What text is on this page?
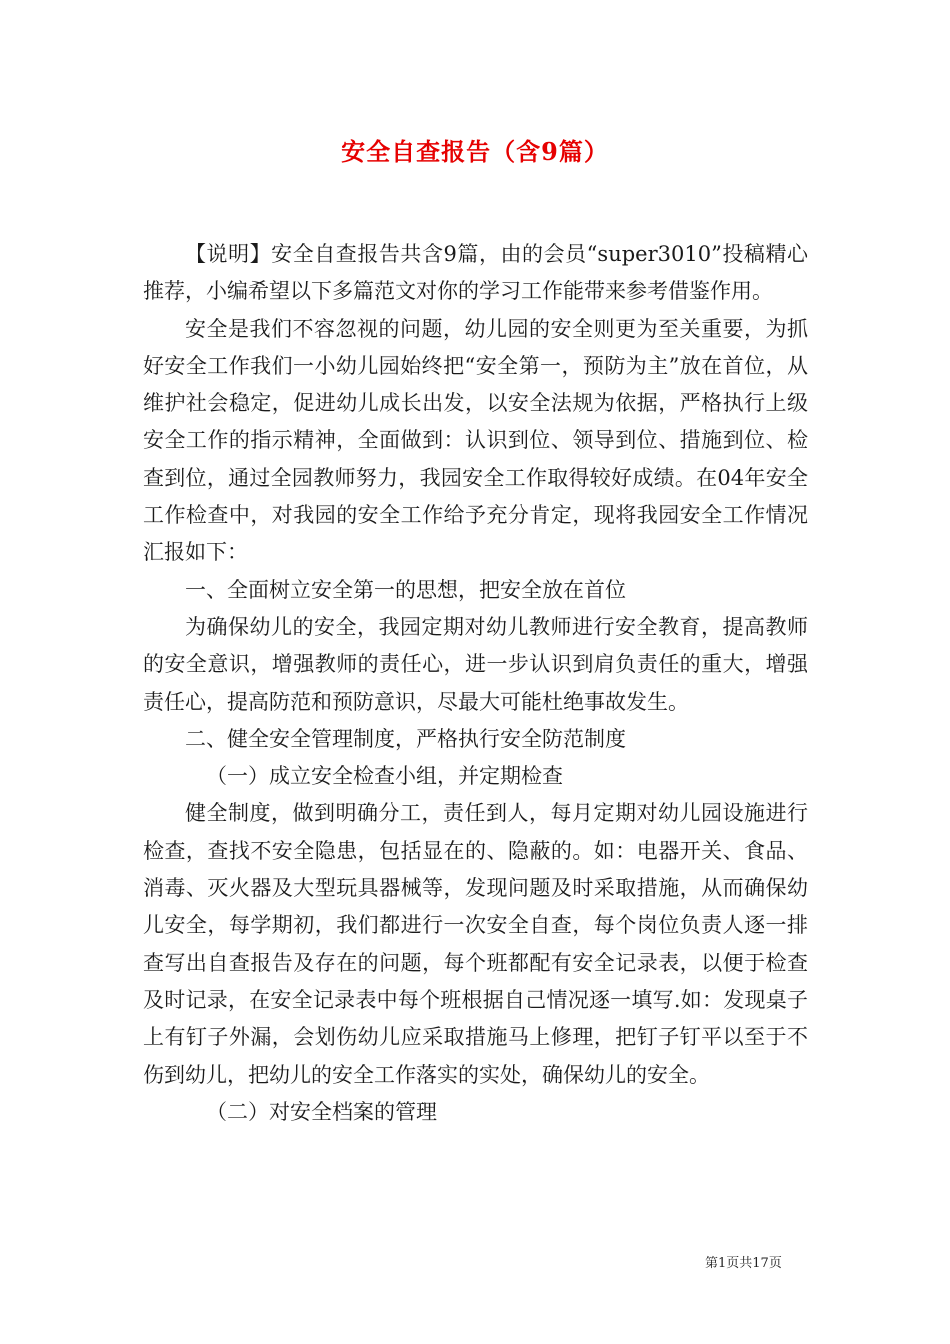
安全自查报告（含9篇）

【说明】安全自查报告共含9篇，由的会员“super3010”投稿精心推荐，小编希望以下多篇范文对你的学习工作能带来参考借鉴作用。

安全是我们不容忽视的问题，幼儿园的安全则更为至关重要，为抓好安全工作我们一小幼儿园始终把“安全第一，预防为主”放在首位，从维护社会稳定，促进幼儿成长出发，以安全法规为依据，严格执行上级安全工作的指示精神，全面做到：认识到位、领导到位、措施到位、检查到位，通过全园教师努力，我园安全工作取得较好成绩。在04年安全工作检查中，对我园的安全工作给予充分肯定，现将我园安全工作情况汇报如下：

一、全面树立安全第一的思想，把安全放在首位

为确保幼儿的安全，我园定期对幼儿教师进行安全教育，提高教师的安全意识，增强教师的责任心，进一步认识到肩负责任的重大，增强责任心，提高防范和预防意识，尽最大可能杜绝事故发生。

二、健全安全管理制度，严格执行安全防范制度

（一）成立安全检查小组，并定期检查

健全制度，做到明确分工，责任到人，每月定期对幼儿园设施进行检查，查找不安全隐患，包括显在的、隐蔽的。如：电器开关、食品、消毒、灭火器及大型玩具器械等，发现问题及时采取措施，从而确保幼儿安全，每学期初，我们都进行一次安全自查，每个岗位负责人逐一排查写出自查报告及存在的问题，每个班都配有安全记录表，以便于检查及时记录，在安全记录表中每个班根据自己情况逐一填写.如：发现桌子上有钉子外漏，会划伤幼儿应采取措施马上修理，把钉子钉平以至于不伤到幼儿，把幼儿的安全工作落实的实处，确保幼儿的安全。

（二）对安全档案的管理

第1页共17页
